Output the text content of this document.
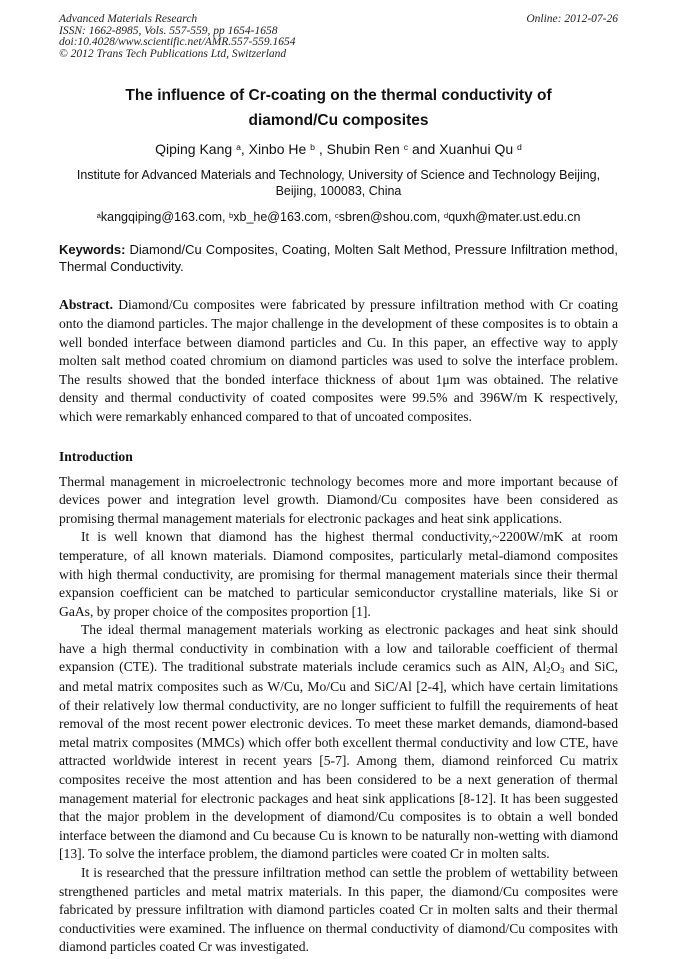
Advanced Materials Research
ISSN: 1662-8985, Vols. 557-559, pp 1654-1658
doi:10.4028/www.scientific.net/AMR.557-559.1654
© 2012 Trans Tech Publications Ltd, Switzerland
Online: 2012-07-26
The influence of Cr-coating on the thermal conductivity of
diamond/Cu composites
Qiping Kang $^a$, Xinbo He $^b$ , Shubin Ren $^c$ and Xuanhui Qu $^d$
Institute for Advanced Materials and Technology, University of Science and Technology Beijing,
Beijing, 100083, China
$^a$kangqiping@163.com, $^b$xb_he@163.com, $^c$sbren@shou.com, $^d$quxh@mater.ust.edu.cn

Keywords: Diamond/Cu Composites, Coating, Molten Salt Method, Pressure Infiltration method, Thermal Conductivity.

Abstract. Diamond/Cu composites were fabricated by pressure infiltration method with Cr coating onto the diamond particles. The major challenge in the development of these composites is to obtain a well bonded interface between diamond particles and Cu. In this paper, an effective way to apply molten salt method coated chromium on diamond particles was used to solve the interface problem. The results showed that the bonded interface thickness of about 1μm was obtained. The relative density and thermal conductivity of coated composites were 99.5% and 396W/m K respectively, which were remarkably enhanced compared to that of uncoated composites.

Introduction

Thermal management in microelectronic technology becomes more and more important because of devices power and integration level growth. Diamond/Cu composites have been considered as promising thermal management materials for electronic packages and heat sink applications.

It is well known that diamond has the highest thermal conductivity,~2200W/mK at room temperature, of all known materials. Diamond composites, particularly metal-diamond composites with high thermal conductivity, are promising for thermal management materials since their thermal expansion coefficient can be matched to particular semiconductor crystalline materials, like Si or GaAs, by proper choice of the composites proportion [1].

The ideal thermal management materials working as electronic packages and heat sink should have a high thermal conductivity in combination with a low and tailorable coefficient of thermal expansion (CTE). The traditional substrate materials include ceramics such as AlN, $Al_2O_3$ and SiC, and metal matrix composites such as W/Cu, Mo/Cu and SiC/Al [2-4], which have certain limitations of their relatively low thermal conductivity, are no longer sufficient to fulfill the requirements of heat removal of the most recent power electronic devices. To meet these market demands, diamond-based metal matrix composites (MMCs) which offer both excellent thermal conductivity and low CTE, have attracted worldwide interest in recent years [5-7]. Among them, diamond reinforced Cu matrix composites receive the most attention and has been considered to be a next generation of thermal management material for electronic packages and heat sink applications [8-12]. It has been suggested that the major problem in the development of diamond/Cu composites is to obtain a well bonded interface between the diamond and Cu because Cu is known to be naturally non-wetting with diamond [13]. To solve the interface problem, the diamond particles were coated Cr in molten salts.

It is researched that the pressure infiltration method can settle the problem of wettability between strengthened particles and metal matrix materials. In this paper, the diamond/Cu composites were fabricated by pressure infiltration with diamond particles coated Cr in molten salts and their thermal conductivities were examined. The influence on thermal conductivity of diamond/Cu composites with diamond particles coated Cr was investigated.
